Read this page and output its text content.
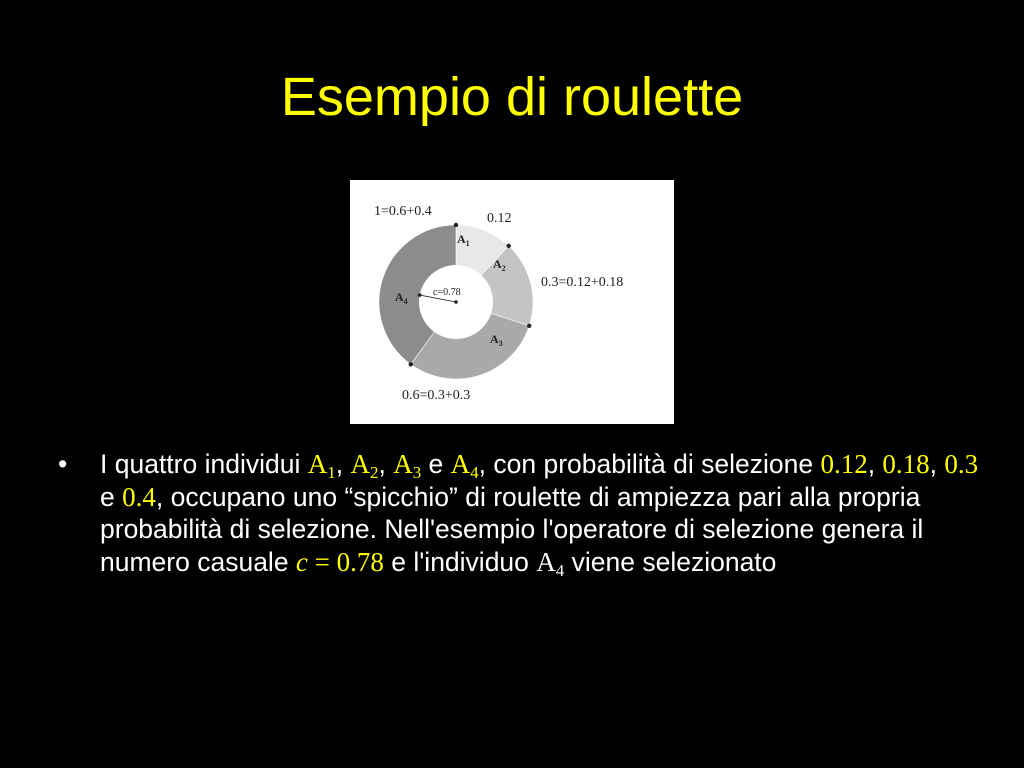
Esempio di roulette
c=0.78
1=0.6+0.4	0.12
0.3=0.12+0.18
0.6=0.3+0.3
$A_1$
$A_2$
$A_3$
$A_4$
• I quattro individui $A_1$, $A_2$, $A_3$ e $A_4$, con probabilità di selezione 0.12, 0.18, 0.3 e 0.4, occupano uno “spicchio” di roulette di ampiezza pari alla propria probabilità di selezione. Nell'esempio l'operatore di selezione genera il numero casuale c = 0.78 e l'individuo $A_4$ viene selezionato
